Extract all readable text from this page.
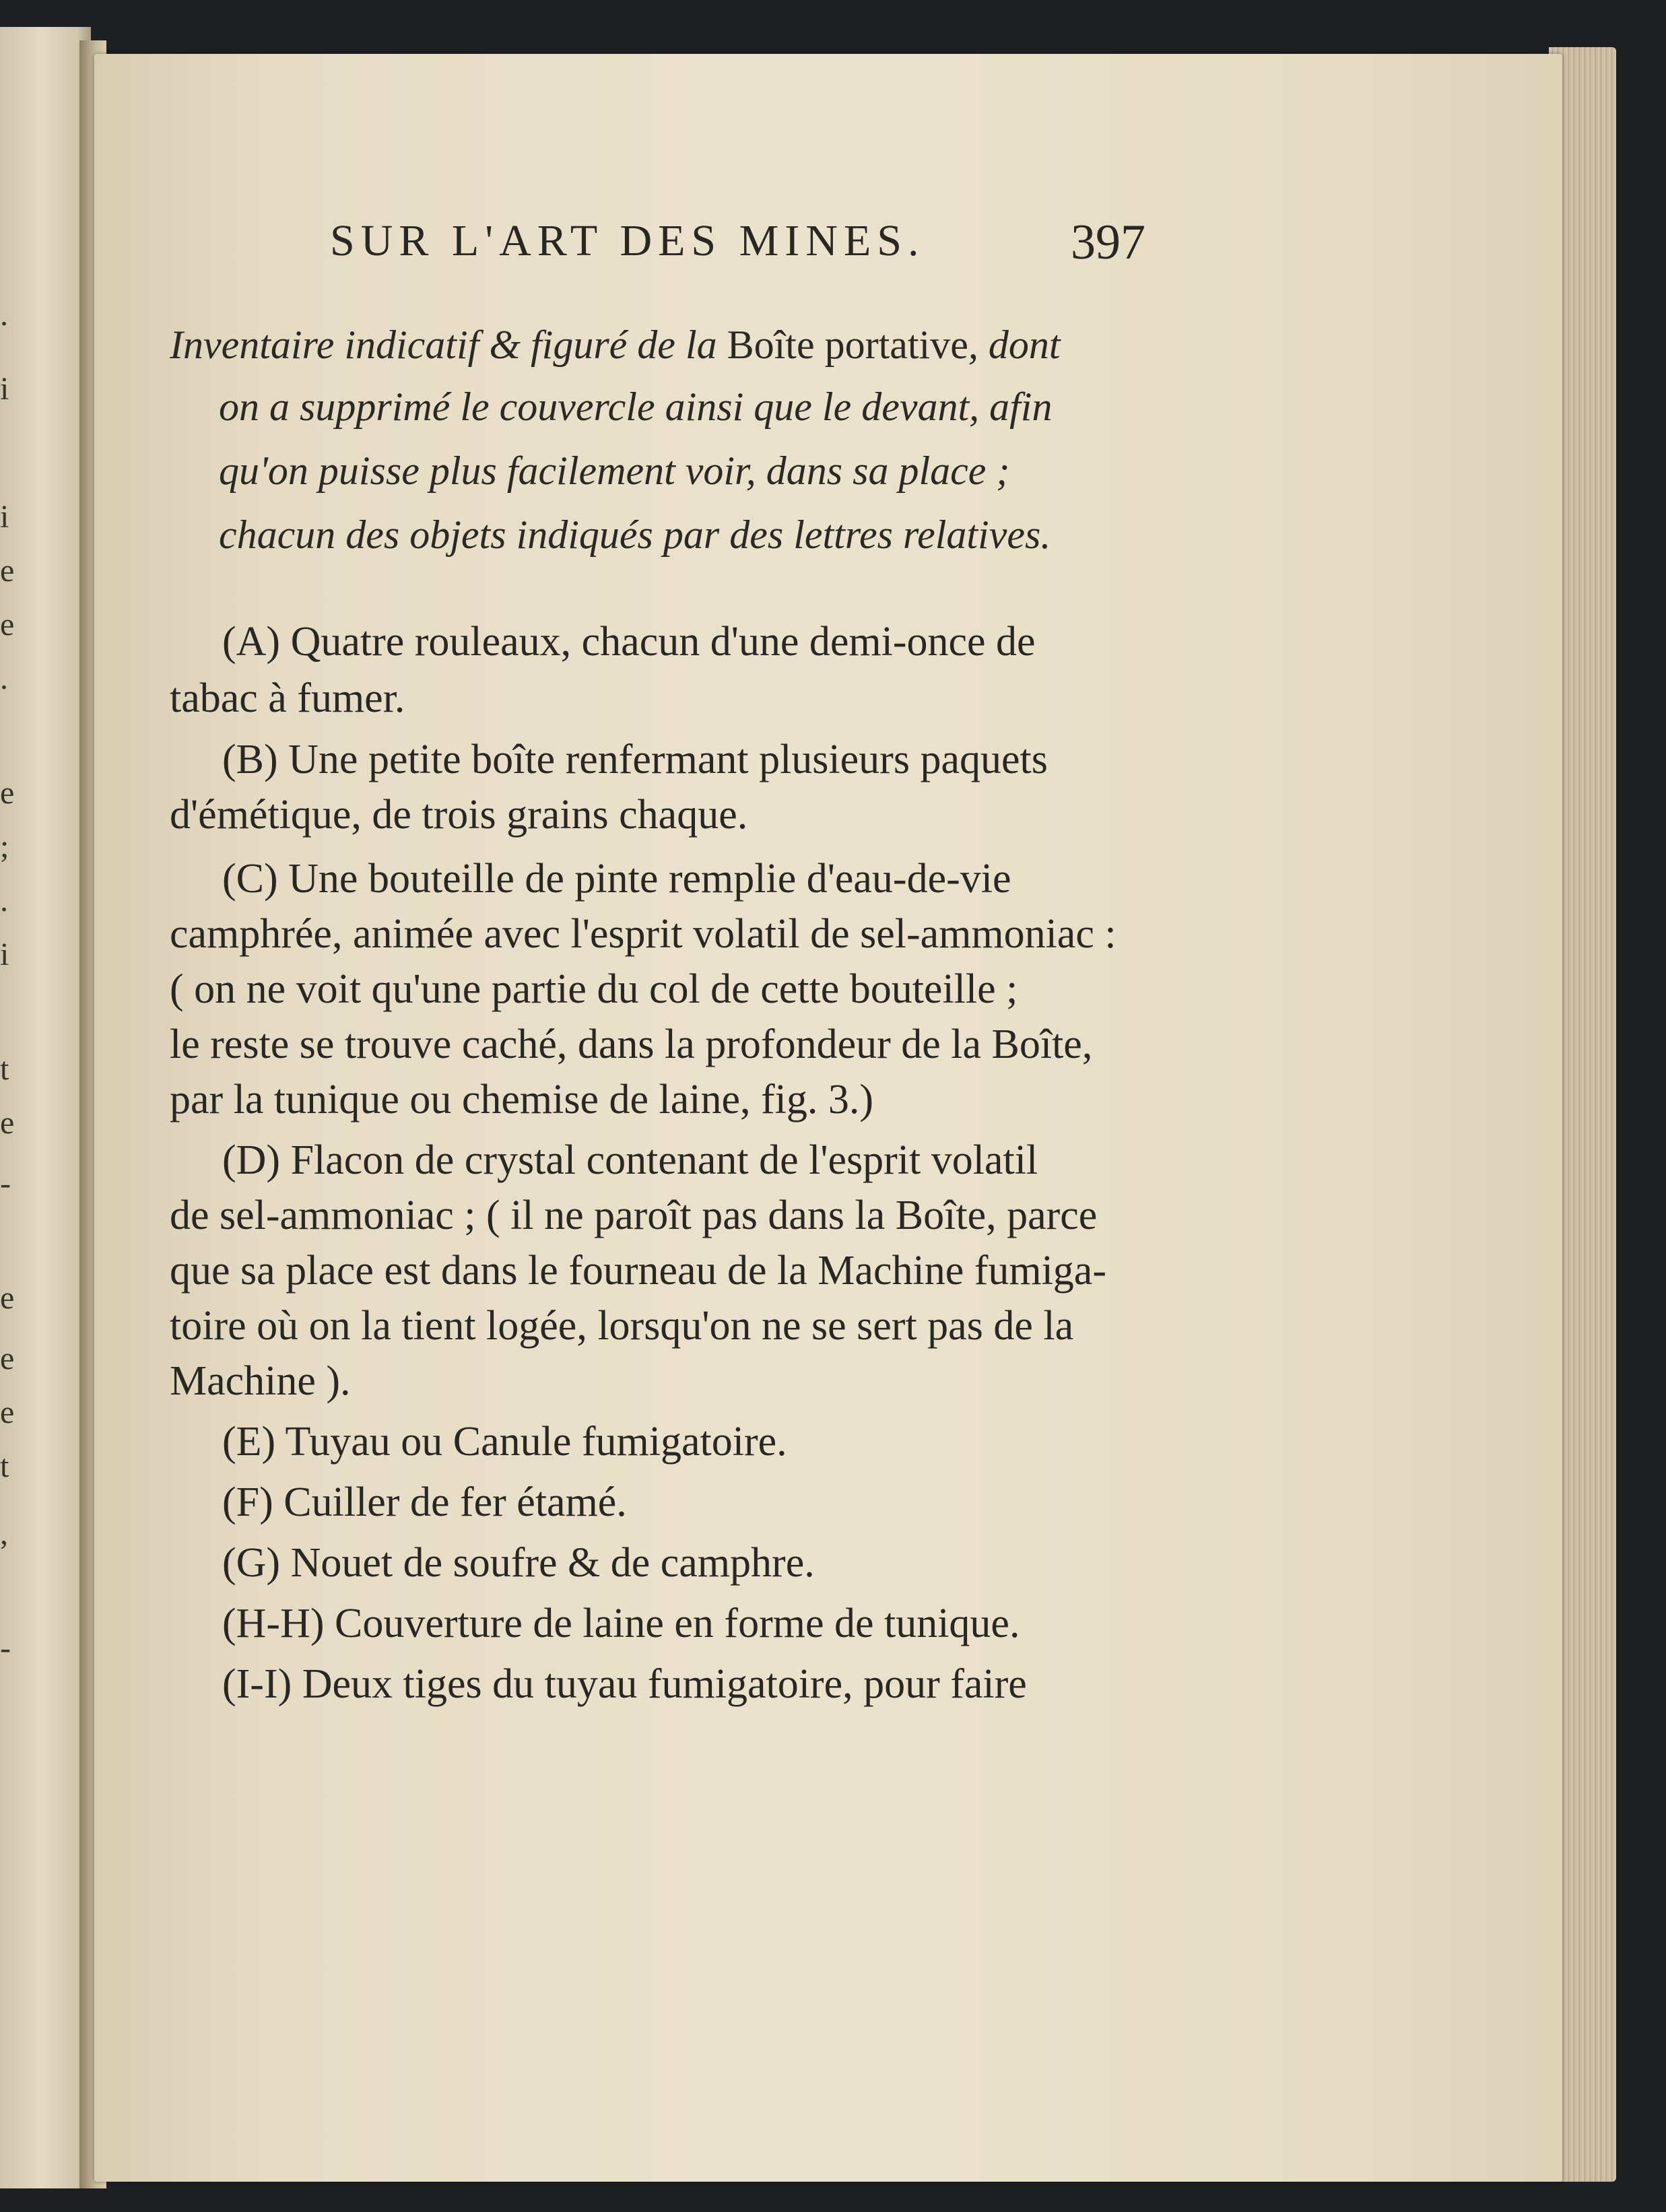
.
i
i
e
e
.
e
;
.
i
t
e
-
e
e
e
t
,
-
SUR L'ART DES MINES.	397
Inventaire indicatif & figuré de la Boîte portative, dont
on a supprimé le couvercle ainsi que le devant, afin
qu'on puisse plus facilement voir, dans sa place ;
chacun des objets indiqués par des lettres relatives.
(A) Quatre rouleaux, chacun d'une demi-once de
tabac à fumer.
(B) Une petite boîte renfermant plusieurs paquets
d'émétique, de trois grains chaque.
(C) Une bouteille de pinte remplie d'eau-de-vie
camphrée, animée avec l'esprit volatil de sel-ammoniac :
( on ne voit qu'une partie du col de cette bouteille ;
le reste se trouve caché, dans la profondeur de la Boîte,
par la tunique ou chemise de laine, fig. 3.)
(D) Flacon de crystal contenant de l'esprit volatil
de sel-ammoniac ; ( il ne paroît pas dans la Boîte, parce
que sa place est dans le fourneau de la Machine fumiga-
toire où on la tient logée, lorsqu'on ne se sert pas de la
Machine ).
(E) Tuyau ou Canule fumigatoire.
(F) Cuiller de fer étamé.
(G) Nouet de soufre & de camphre.
(H-H) Couverture de laine en forme de tunique.
(I-I) Deux tiges du tuyau fumigatoire, pour faire
